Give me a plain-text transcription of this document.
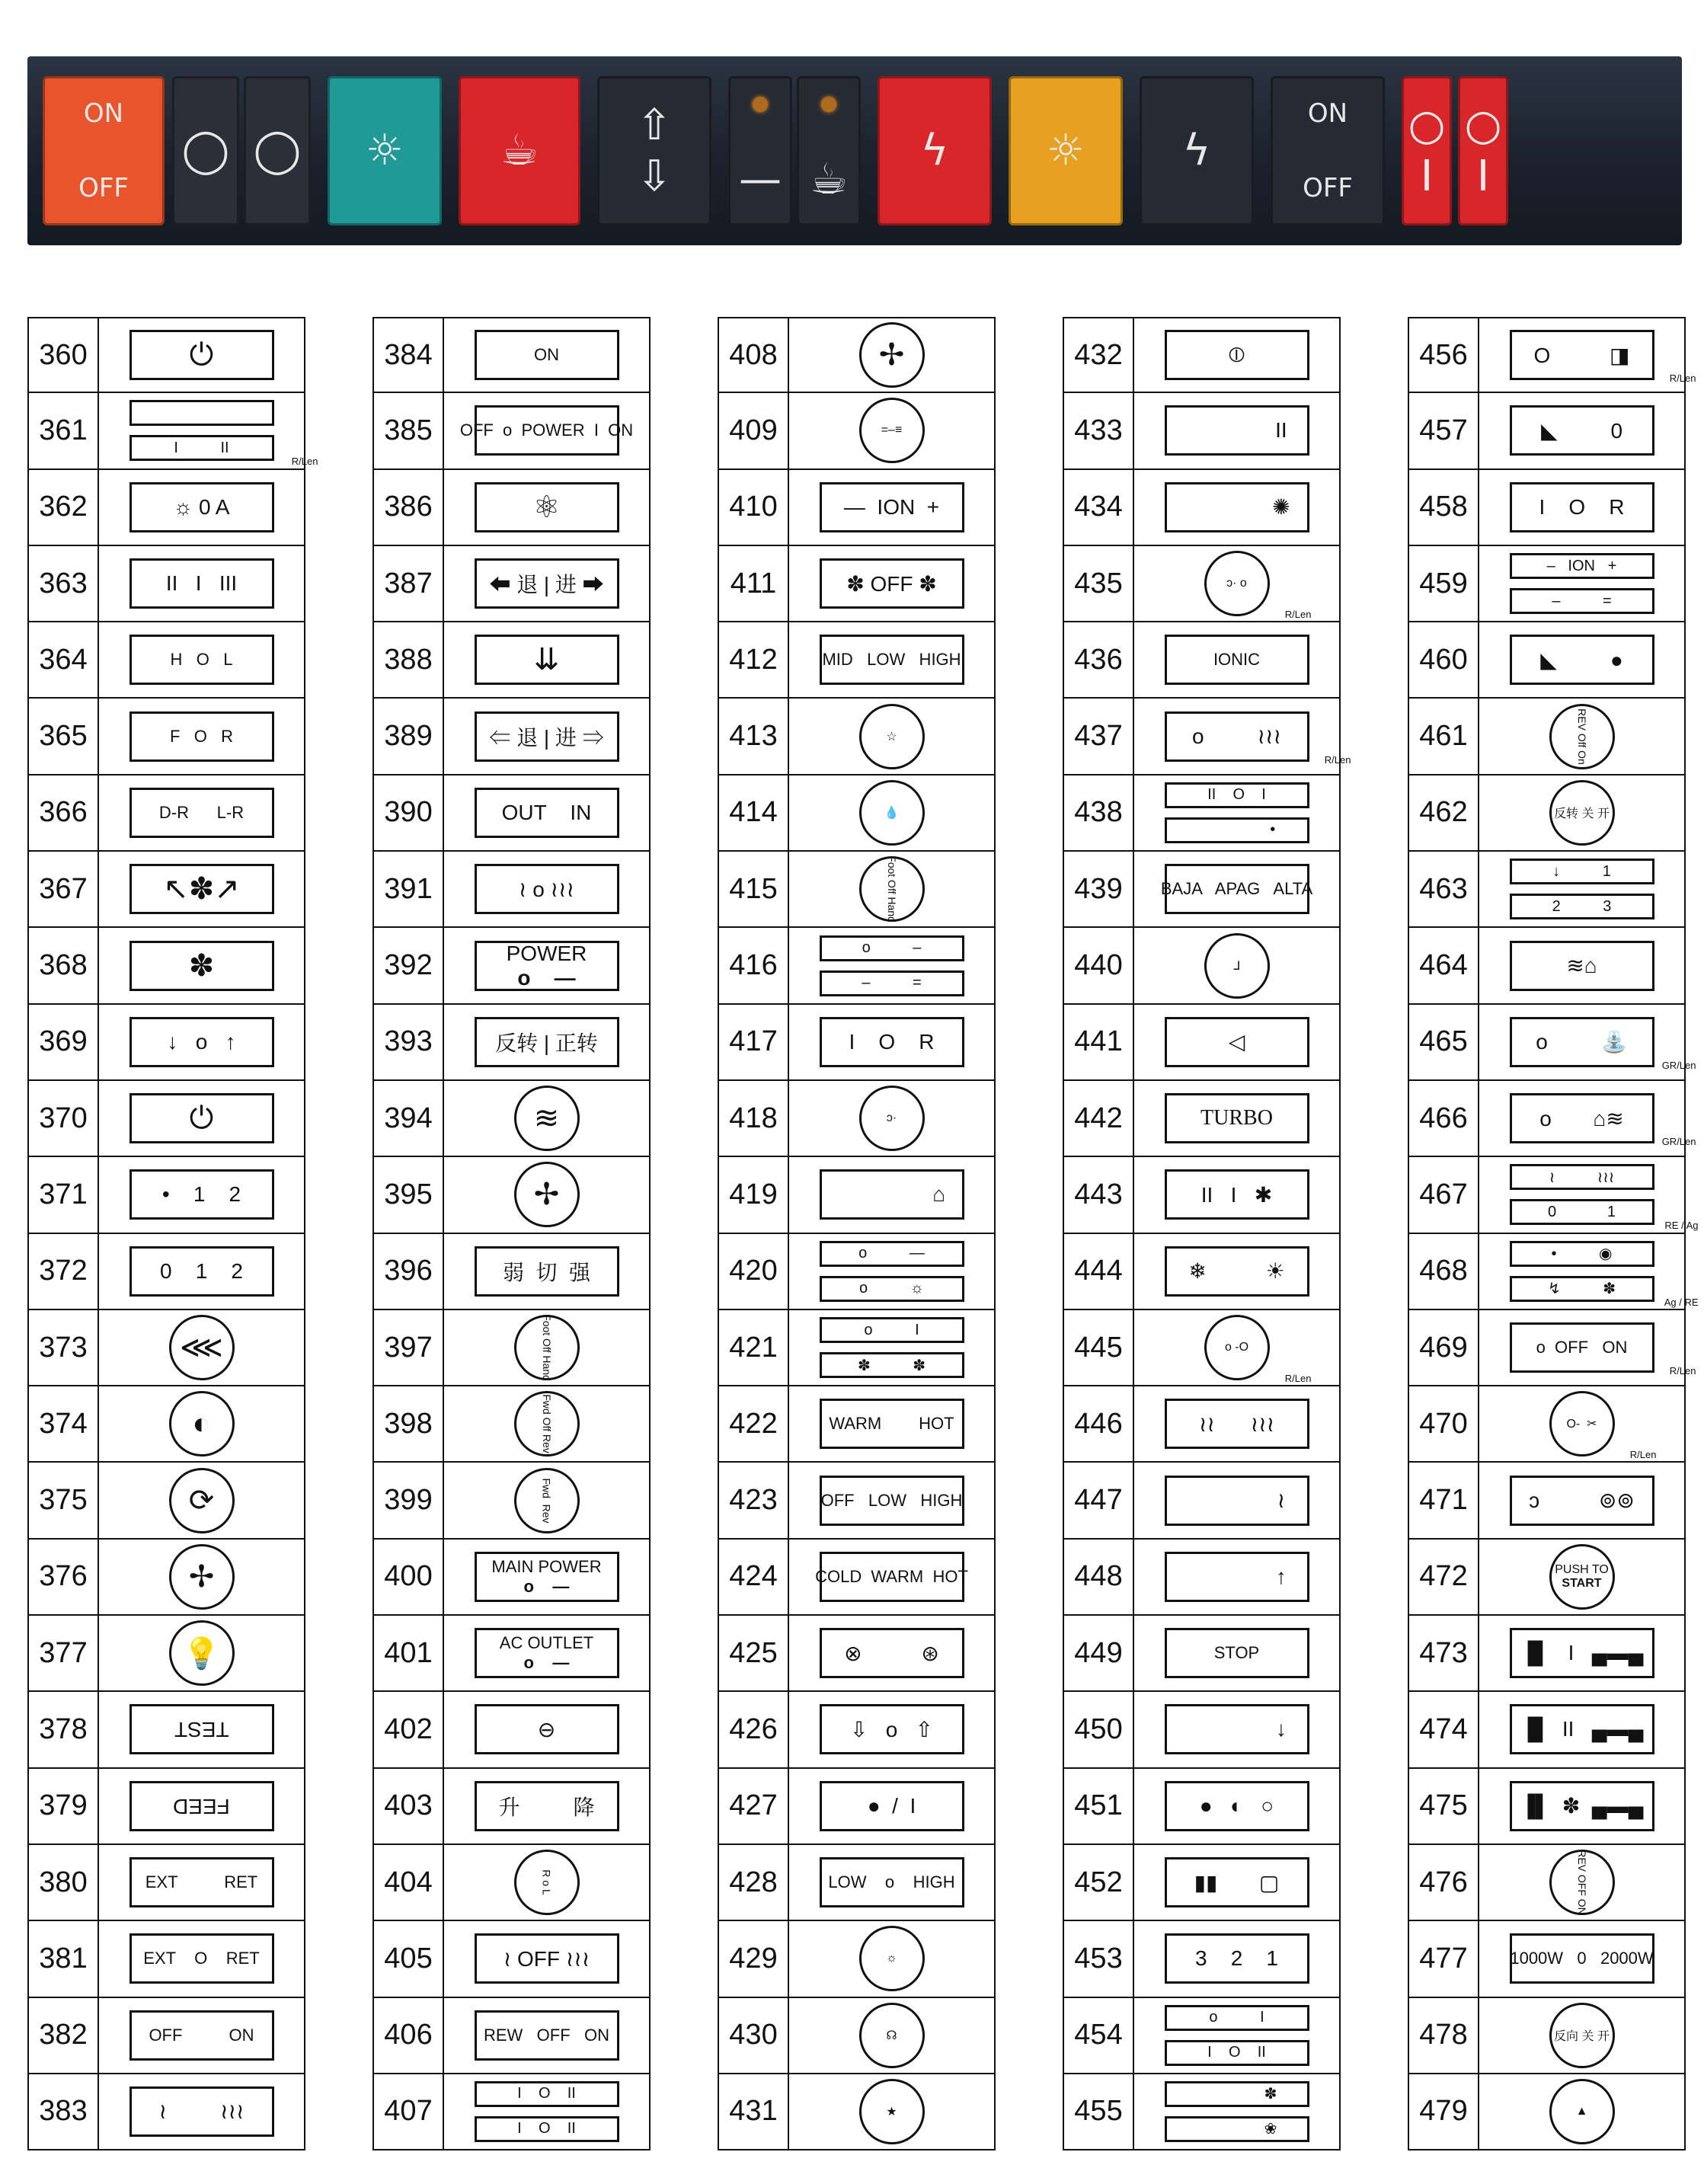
ON
OFF
◯ ◯ ☼ ☕
⇧
⇩ — ☕
ϟ ☼ ϟ
ON
OFF
○
I
○
I
360	⏻
361
I          II
R/Len
362	☼ 0 A
363	II   I   III
364	H   O   L
365	F   O   R
366	D-R      L-R
367	↖✽↗
368	✽
369	↓   o   ↑
370	⏻
371	•    1    2
372	0    1    2
373	⋘
374	◐
375	⟳
376	✢
377	💡
378	TEST
379	FEED
380	EXT          RET
381	EXT    O    RET
382	OFF          ON
383	≀         ≀≀≀
384	ON
385	OFF  o  POWER  I  ON
386	⚛
387	⬅ 退 | 进 ➡
388	⇊
389	⇐ 退 | 进 ⇒
390	OUT    IN
391	≀ o ≀≀≀
392	POWER
o    —
393	反转 | 正转
394	≋
395	✢
396	弱  切  强
397	Foot Off Hand
398	Fwd Off Rev
399	Fwd  Rev
400	MAIN POWER
o    —
401	AC OUTLET
o    —
402	⊖
403	升         降
404	R o L
405	≀ OFF ≀≀≀
406	REW   OFF   ON
407
I    O    II
I    O    II
408	✢
409	=–≡
410	—  ION  +
411	✽ OFF ✽
412	MID   LOW   HIGH
413	☆
414	💧
415	Foot Off Hand
416
o          –
–          =
417	I    O    R
418	ↄ·
419	⌂
420
o          —
o          ☼
421
o          I
✽          ✽
422	WARM        HOT
423	OFF   LOW   HIGH
424	COLD  WARM  HOT
425	⊗          ⊛
426	⇩   o   ⇧
427	●  /  I
428	LOW    o    HIGH
429	☼
430	☊
431	★
432	⦶
433	II
434	✺
435	ↄ· o
R/Len
436	IONIC
437	o         ≀≀≀
R/Len
438
II    O    I
•
439	BAJA   APAG   ALTA
440	ᒧ
441	◁
442	TURBO
443	II   I   ✱
444	❄          ☀
445	o -O
R/Len
446	≀≀      ≀≀≀
447	≀
448	↑
449	STOP
450	↓
451	●   ◐   ○
452	▮▮       ▢
453	3    2    1
454
o          I
I    O    II
455
✽
❀
456	O          ◨
R/Len
457	◣         0
458	I    O    R
459
–   ION   +
–          =
460	◣         ●
461	REV Off On
462	反转 关 开
463
↓          1
2          3
464	≋⌂
465	o         ⛲
GR/Len
466	o       ⌂≋
GR/Len
467
≀          ≀≀≀
0            1
RE / Ag
468
•          ◉
↯          ✽
Ag / RE
469	o  OFF   ON
R/Len
470	O-  ✂
R/Len
471	ↄ          ⊚⊚
472	PUSH TO
START
473	▐▌   I   ▄▬▄
474	▐▌  II   ▄▬▄
475	▐▌  ✽  ▄▬▄
476	REV OFF ON
477	1000W   0   2000W
478	反向 关 开
479	▲
